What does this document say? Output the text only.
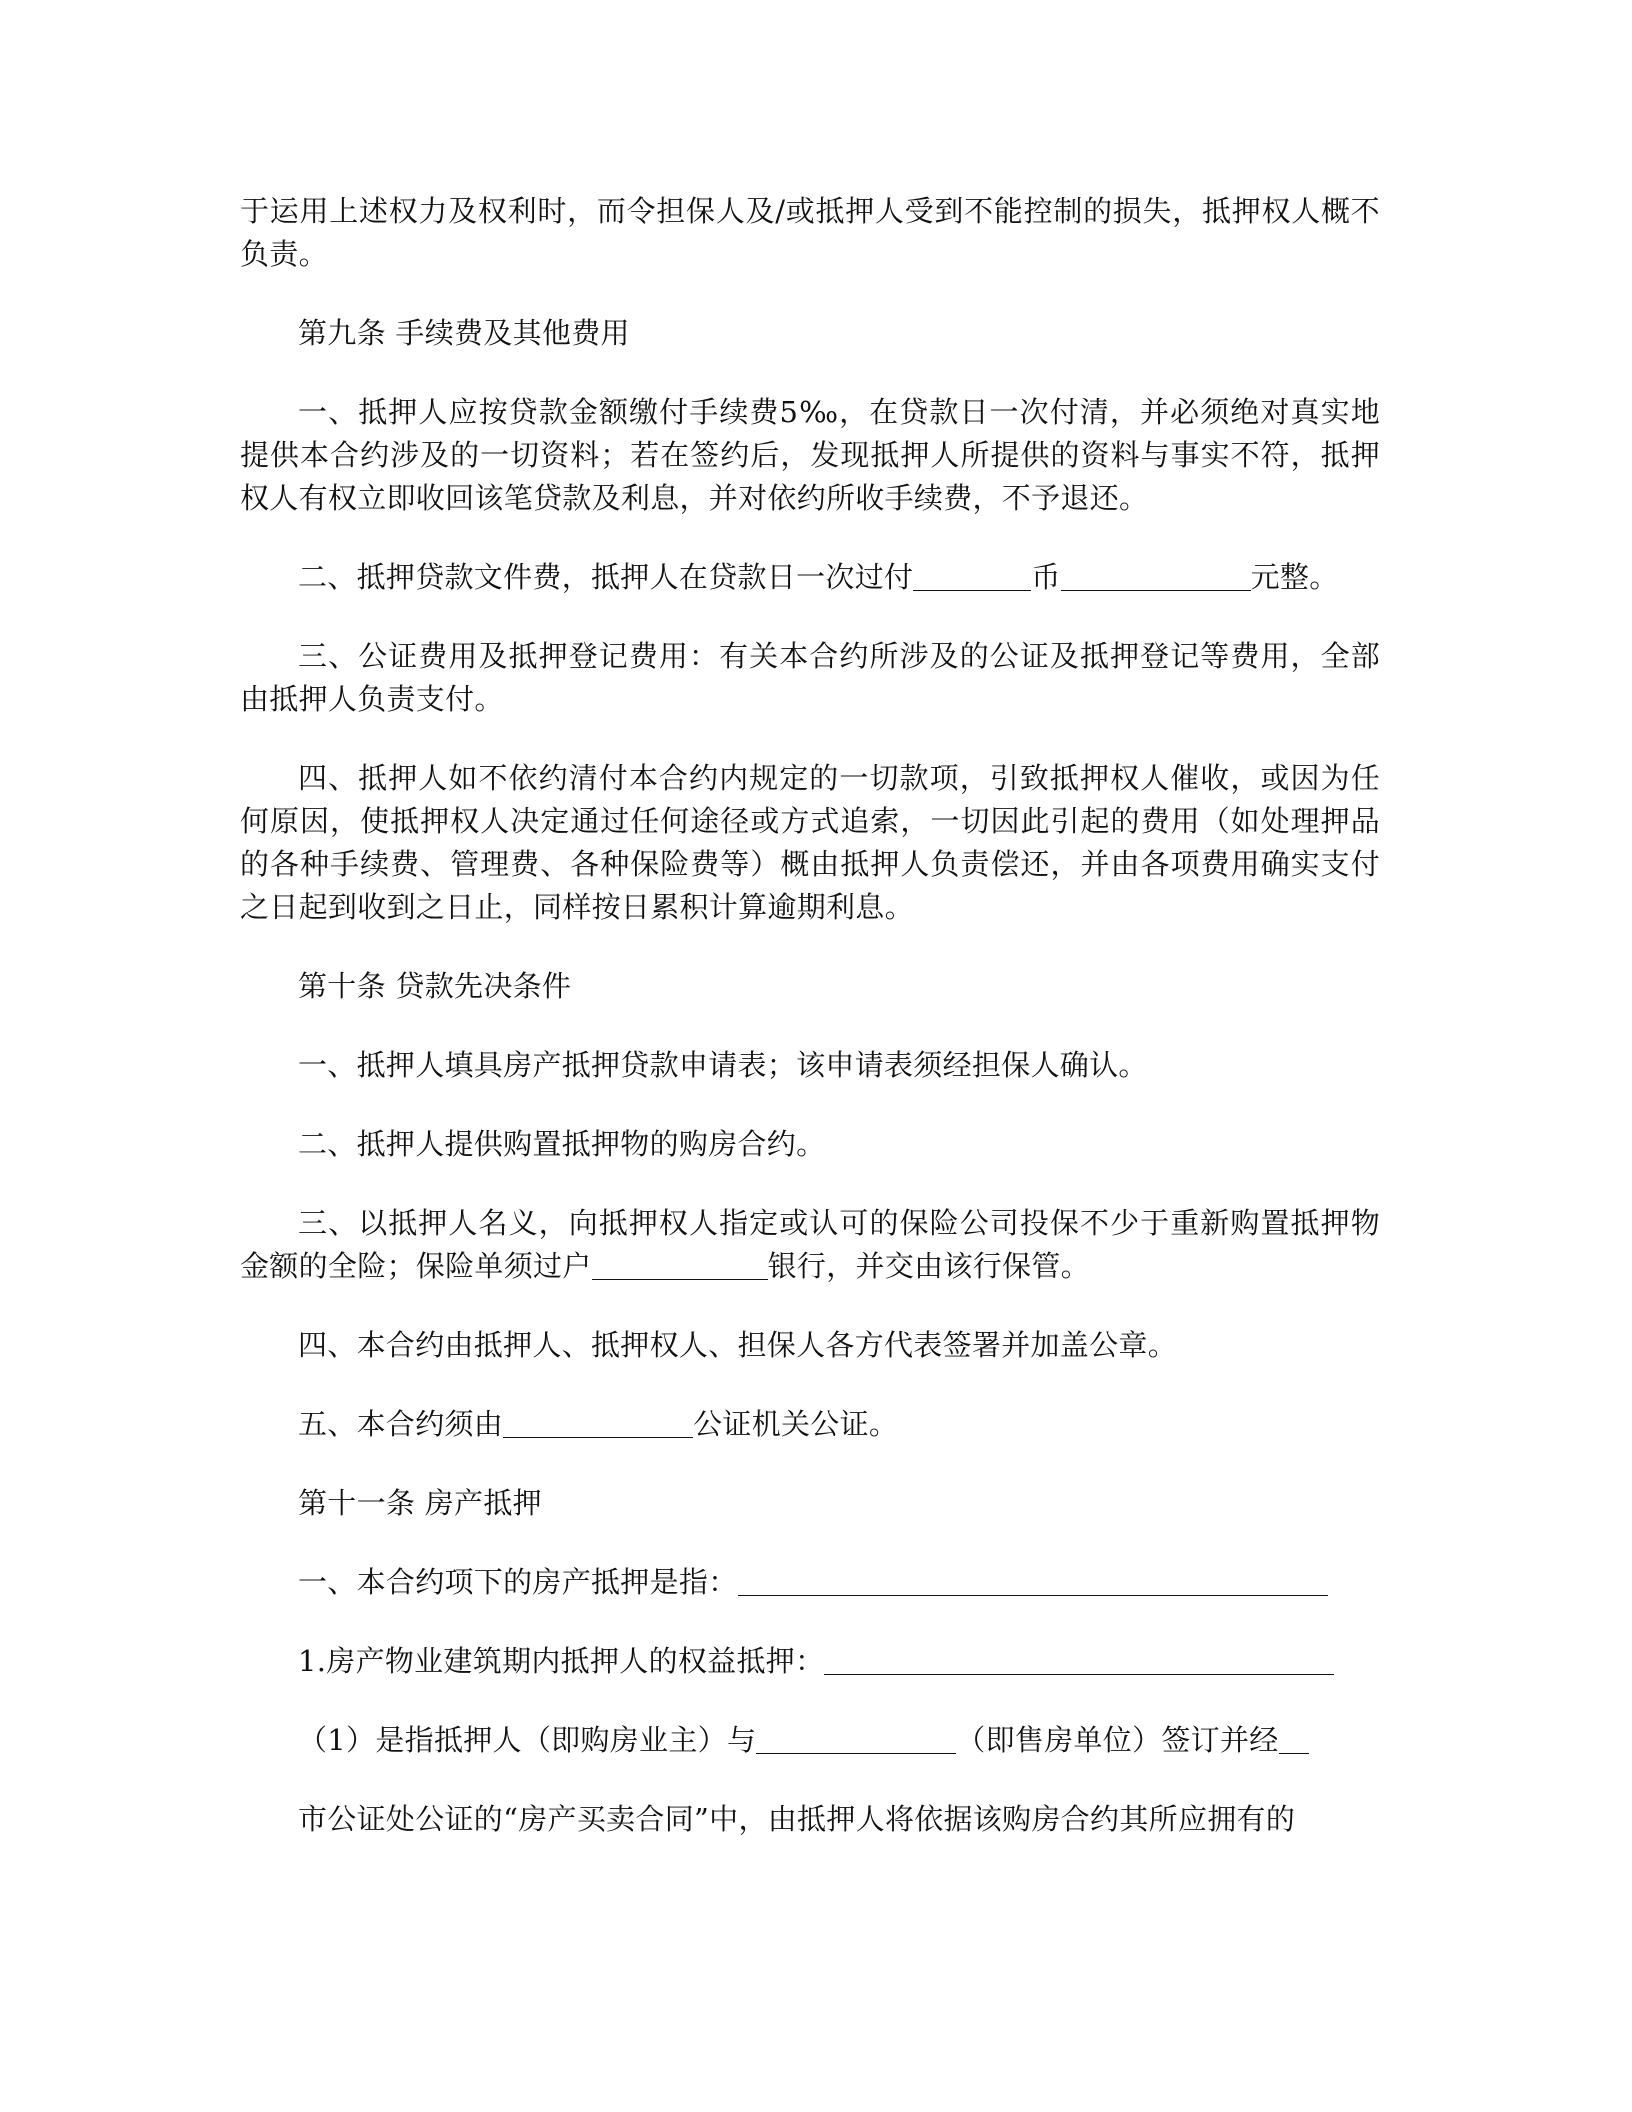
于运用上述权力及权利时，而令担保人及/或抵押人受到不能控制的损失，抵押权人概不负责。

第九条 手续费及其他费用

一、抵押人应按贷款金额缴付手续费5‰，在贷款日一次付清，并必须绝对真实地提供本合约涉及的一切资料；若在签约后，发现抵押人所提供的资料与事实不符，抵押权人有权立即收回该笔贷款及利息，并对依约所收手续费，不予退还。

二、抵押贷款文件费，抵押人在贷款日一次过付	币	元整。

三、公证费用及抵押登记费用：有关本合约所涉及的公证及抵押登记等费用，全部由抵押人负责支付。

四、抵押人如不依约清付本合约内规定的一切款项，引致抵押权人催收，或因为任何原因，使抵押权人决定通过任何途径或方式追索，一切因此引起的费用（如处理押品的各种手续费、管理费、各种保险费等）概由抵押人负责偿还，并由各项费用确实支付之日起到收到之日止，同样按日累积计算逾期利息。

第十条 贷款先决条件

一、抵押人填具房产抵押贷款申请表；该申请表须经担保人确认。

二、抵押人提供购置抵押物的购房合约。

三、以抵押人名义，向抵押权人指定或认可的保险公司投保不少于重新购置抵押物金额的全险；保险单须过户	银行，并交由该行保管。

四、本合约由抵押人、抵押权人、担保人各方代表签署并加盖公章。

五、本合约须由	公证机关公证。

第十一条 房产抵押

一、本合约项下的房产抵押是指：

1.房产物业建筑期内抵押人的权益抵押：

（1）是指抵押人（即购房业主）与	（即售房单位）签订并经

市公证处公证的“房产买卖合同”中，由抵押人将依据该购房合约其所应拥有的
